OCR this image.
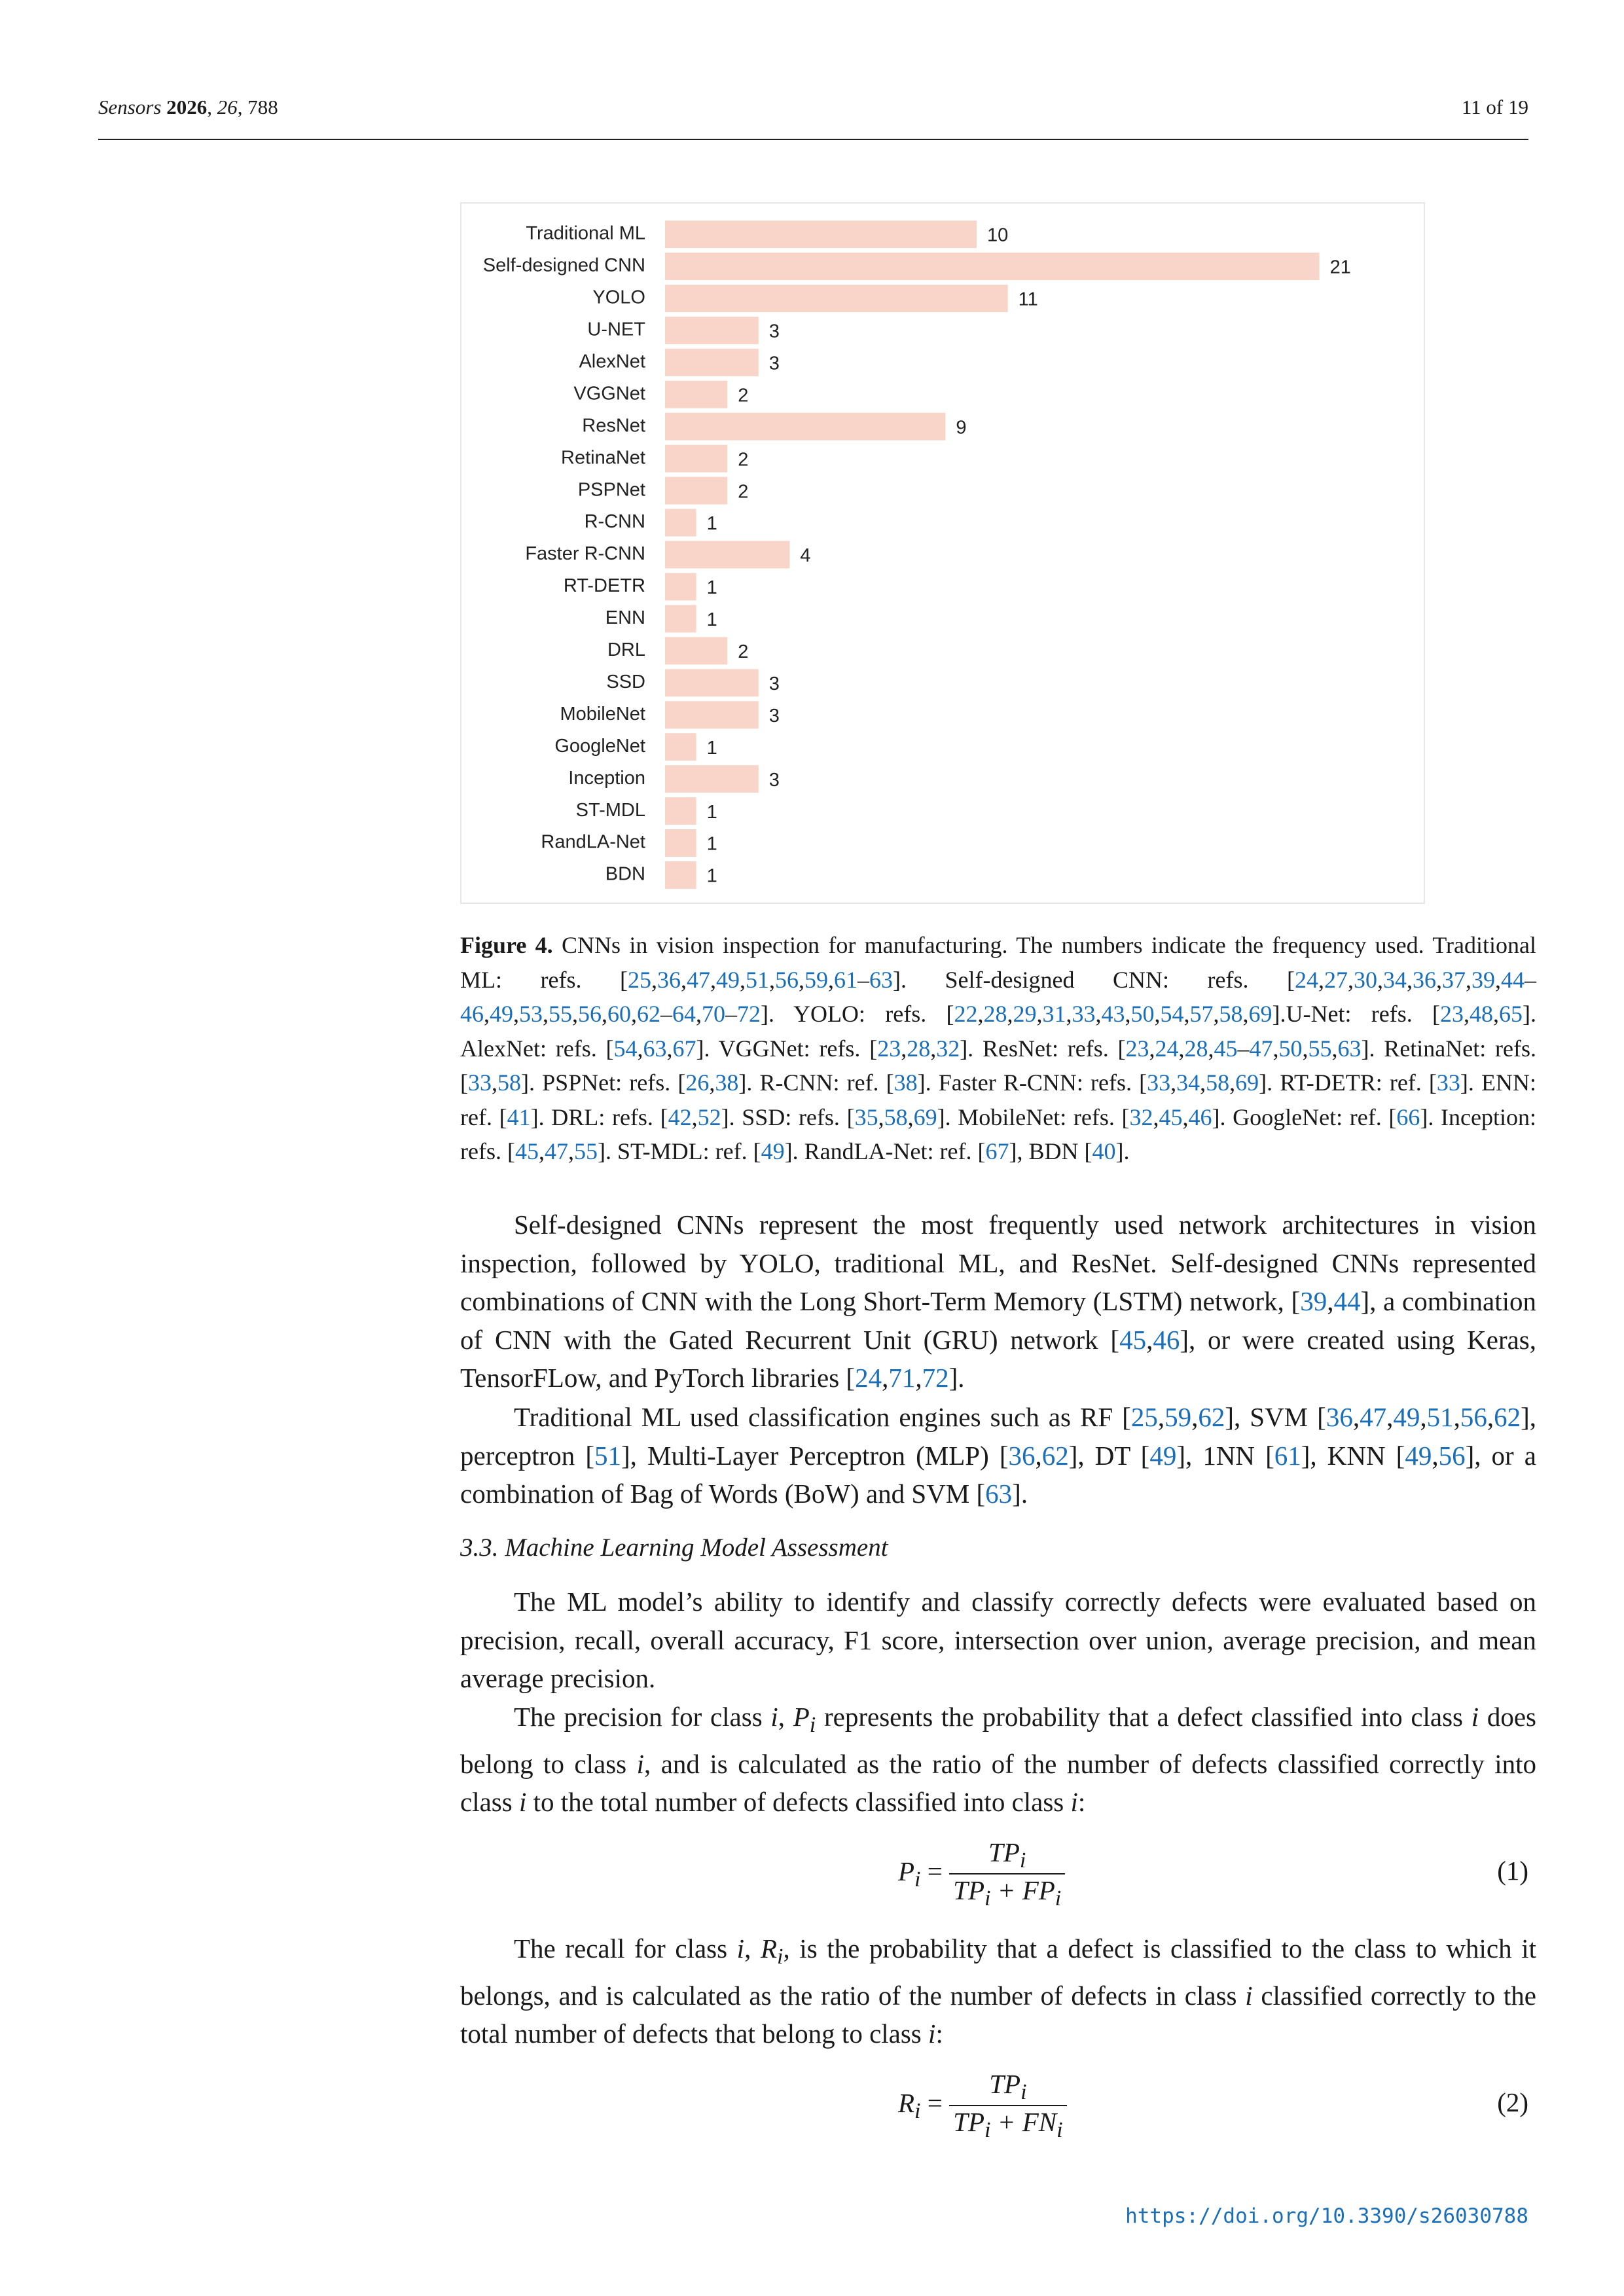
Sensors 2026, 26, 788	11 of 19
Traditional ML	10
Self-designed CNN	21
YOLO	11
U-NET	3
AlexNet	3
VGGNet	2
ResNet	9
RetinaNet	2
PSPNet	2
R-CNN	1
Faster R-CNN	4
RT-DETR	1
ENN	1
DRL	2
SSD	3
MobileNet	3
GoogleNet	1
Inception	3
ST-MDL	1
RandLA-Net	1
BDN	1
Figure 4. CNNs in vision inspection for manufacturing. The numbers indicate the frequency used. Traditional ML: refs. [25,36,47,49,51,56,59,61–63]. Self-designed CNN: refs. [24,27,30,34,36,37,39,44–46,49,53,55,56,60,62–64,70–72]. YOLO: refs. [22,28,29,31,33,43,50,54,57,58,69].U-Net: refs. [23,48,65]. AlexNet: refs. [54,63,67]. VGGNet: refs. [23,28,32]. ResNet: refs. [23,24,28,45–47,50,55,63]. RetinaNet: refs. [33,58]. PSPNet: refs. [26,38]. R-CNN: ref. [38]. Faster R-CNN: refs. [33,34,58,69]. RT-DETR: ref. [33]. ENN: ref. [41]. DRL: refs. [42,52]. SSD: refs. [35,58,69]. MobileNet: refs. [32,45,46]. GoogleNet: ref. [66]. Inception: refs. [45,47,55]. ST-MDL: ref. [49]. RandLA-Net: ref. [67], BDN [40].
Self-designed CNNs represent the most frequently used network architectures in vision inspection, followed by YOLO, traditional ML, and ResNet. Self-designed CNNs represented combinations of CNN with the Long Short-Term Memory (LSTM) network, [39,44], a combination of CNN with the Gated Recurrent Unit (GRU) network [45,46], or were created using Keras, TensorFLow, and PyTorch libraries [24,71,72].
Traditional ML used classification engines such as RF [25,59,62], SVM [36,47,49,51,56,62], perceptron [51], Multi-Layer Perceptron (MLP) [36,62], DT [49], 1NN [61], KNN [49,56], or a combination of Bag of Words (BoW) and SVM [63].
3.3. Machine Learning Model Assessment
The ML model’s ability to identify and classify correctly defects were evaluated based on precision, recall, overall accuracy, F1 score, intersection over union, average precision, and mean average precision.
The precision for class i, $P_i$ represents the probability that a defect classified into class i does belong to class i, and is calculated as the ratio of the number of defects classified correctly into class i to the total number of defects classified into class i:
$P_i = \frac{TP_i}{TP_i + FP_i}$	(1)
The recall for class i, $R_i$, is the probability that a defect is classified to the class to which it belongs, and is calculated as the ratio of the number of defects in class i classified correctly to the total number of defects that belong to class i:
$R_i = \frac{TP_i}{TP_i + FN_i}$	(2)
https://doi.org/10.3390/s26030788
